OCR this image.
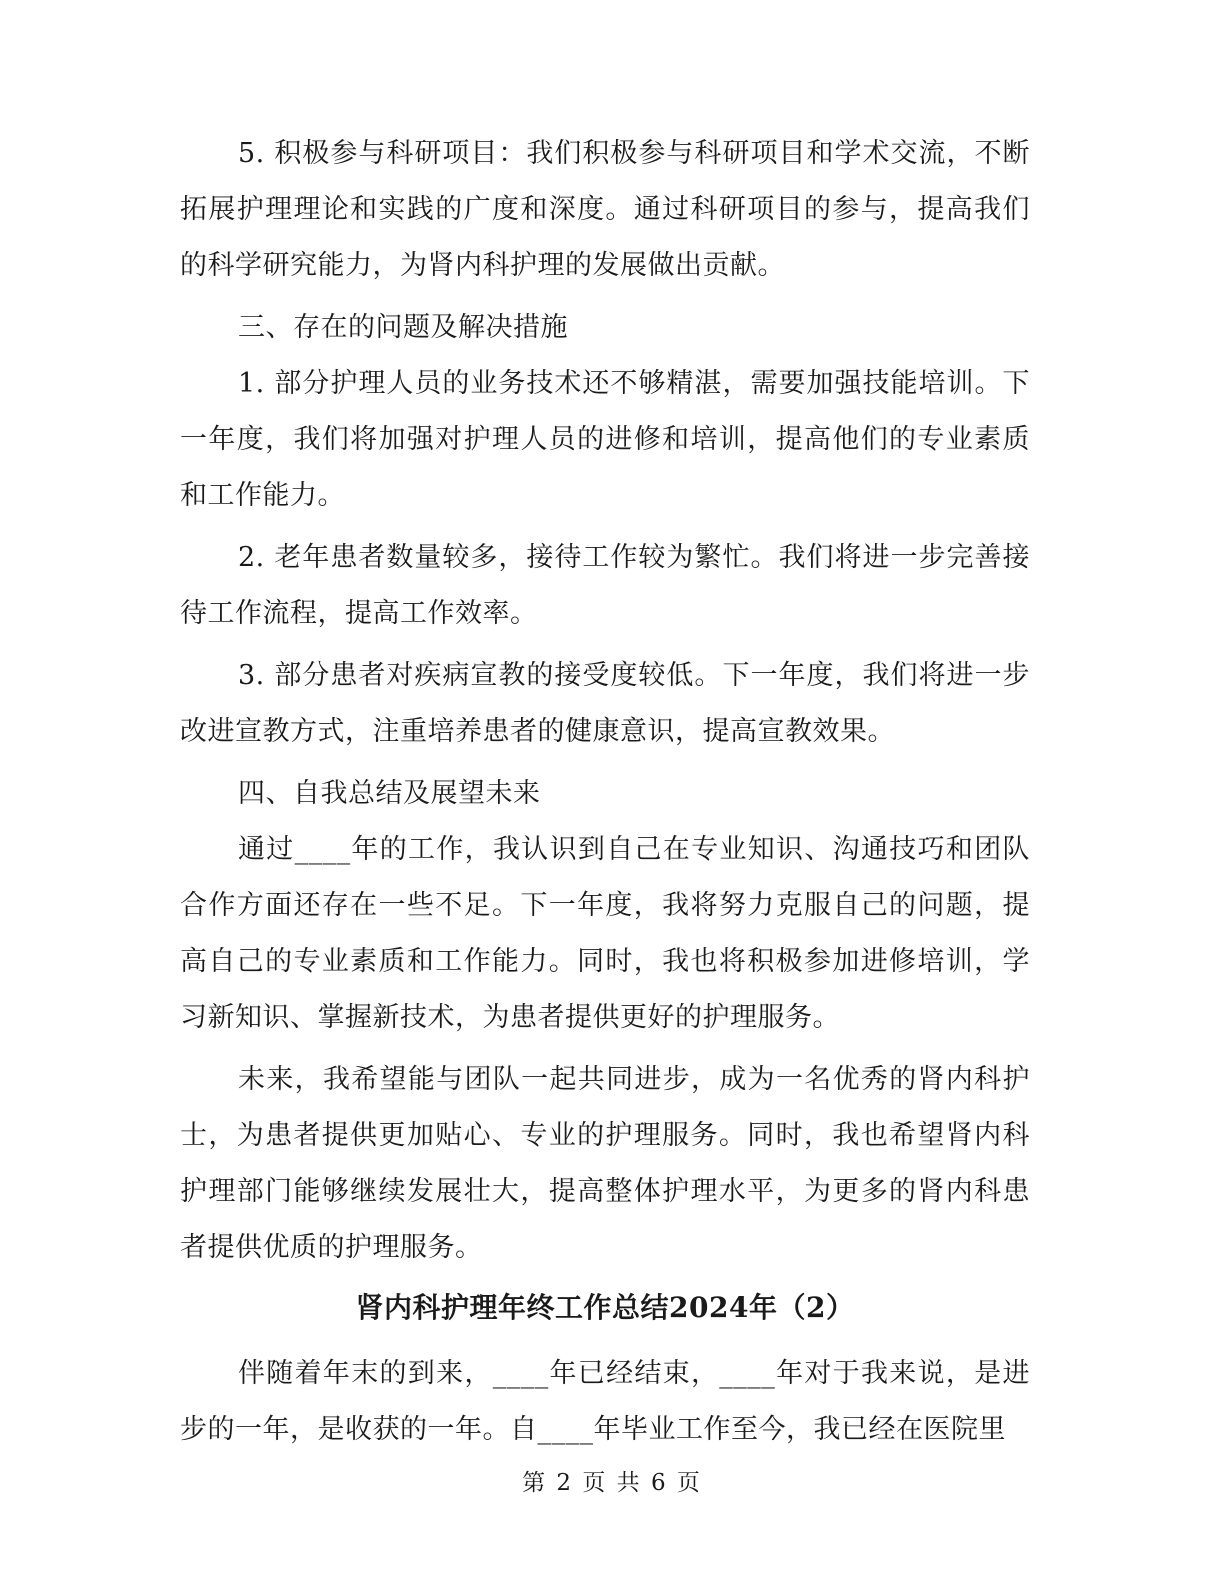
5. 积极参与科研项目：我们积极参与科研项目和学术交流，不断拓展护理理论和实践的广度和深度。通过科研项目的参与，提高我们的科学研究能力，为肾内科护理的发展做出贡献。

三、存在的问题及解决措施

1. 部分护理人员的业务技术还不够精湛，需要加强技能培训。下一年度，我们将加强对护理人员的进修和培训，提高他们的专业素质和工作能力。

2. 老年患者数量较多，接待工作较为繁忙。我们将进一步完善接待工作流程，提高工作效率。

3. 部分患者对疾病宣教的接受度较低。下一年度，我们将进一步改进宣教方式，注重培养患者的健康意识，提高宣教效果。

四、自我总结及展望未来

通过____年的工作，我认识到自己在专业知识、沟通技巧和团队合作方面还存在一些不足。下一年度，我将努力克服自己的问题，提高自己的专业素质和工作能力。同时，我也将积极参加进修培训，学习新知识、掌握新技术，为患者提供更好的护理服务。

未来，我希望能与团队一起共同进步，成为一名优秀的肾内科护士，为患者提供更加贴心、专业的护理服务。同时，我也希望肾内科护理部门能够继续发展壮大，提高整体护理水平，为更多的肾内科患者提供优质的护理服务。

肾内科护理年终工作总结2024年（2）

伴随着年末的到来，____年已经结束，____年对于我来说，是进步的一年，是收获的一年。自____年毕业工作至今，我已经在医院里

第 2 页 共 6 页
